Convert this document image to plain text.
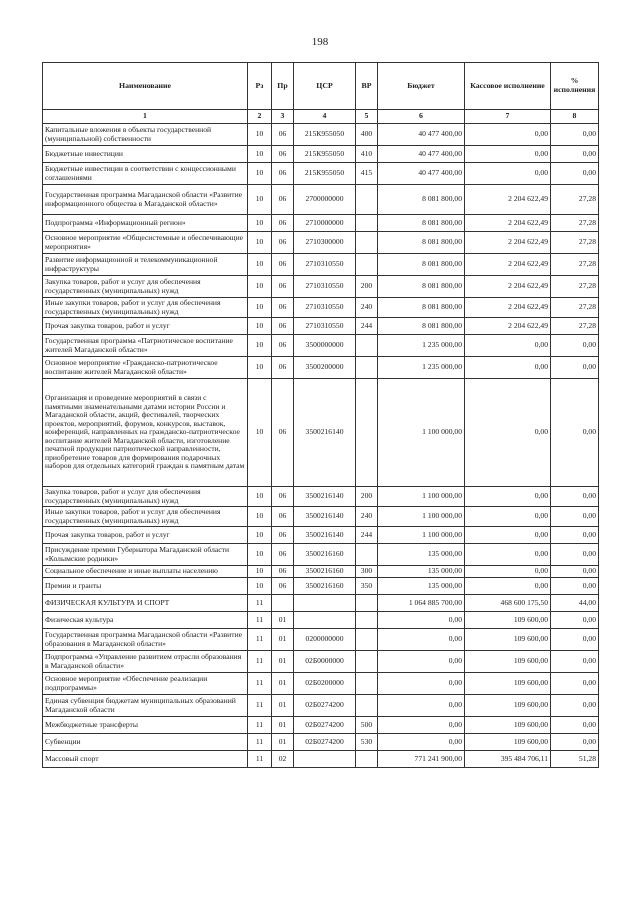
198
Наименование	Рз	Пр	ЦСР	ВР	Бюджет	Кассовое исполнение	% исполнения
1	2	3	4	5	6	7	8
Капитальные вложения в объекты государственной (муниципальной) собственности	10	06	215К955050	400	40 477 400,00	0,00	0,00
Бюджетные инвестиции	10	06	215К955050	410	40 477 400,00	0,00	0,00
Бюджетные инвестиции в соответствии с концессионными соглашениями	10	06	215К955050	415	40 477 400,00	0,00	0,00
Государственная программа Магаданской области «Развитие информационного общества в Магаданской области»	10	06	2700000000		8 081 800,00	2 204 622,49	27,28
Подпрограмма «Информационный регион»	10	06	2710000000		8 081 800,00	2 204 622,49	27,28
Основное мероприятие «Общесистемные и обеспечивающие мероприятия»	10	06	2710300000		8 081 800,00	2 204 622,49	27,28
Развитие информационной и телекоммуникационной инфраструктуры	10	06	2710310550		8 081 800,00	2 204 622,49	27,28
Закупка товаров, работ и услуг для обеспечения государственных (муниципальных) нужд	10	06	2710310550	200	8 081 800,00	2 204 622,49	27,28
Иные закупки товаров, работ и услуг для обеспечения государственных (муниципальных) нужд	10	06	2710310550	240	8 081 800,00	2 204 622,49	27,28
Прочая закупка товаров, работ и услуг	10	06	2710310550	244	8 081 800,00	2 204 622,49	27,28
Государственная программа «Патриотическое воспитание жителей Магаданской области»	10	06	3500000000		1 235 000,00	0,00	0,00
Основное мероприятие «Гражданско-патриотическое воспитание жителей Магаданской области»	10	06	3500200000		1 235 000,00	0,00	0,00
Организация и проведение мероприятий в связи с памятными знаменательными датами истории России и Магаданской области, акций, фестивалей, творческих проектов, мероприятий, форумов, конкурсов, выставок, конференций, направленных на гражданско-патриотическое воспитание жителей Магаданской области, изготовление печатной продукции патриотической направленности, приобретение товаров для формирования подарочных наборов для отдельных категорий граждан к памятным датам	10	06	3500216140		1 100 000,00	0,00	0,00
Закупка товаров, работ и услуг для обеспечения государственных (муниципальных) нужд	10	06	3500216140	200	1 100 000,00	0,00	0,00
Иные закупки товаров, работ и услуг для обеспечения государственных (муниципальных) нужд	10	06	3500216140	240	1 100 000,00	0,00	0,00
Прочая закупка товаров, работ и услуг	10	06	3500216140	244	1 100 000,00	0,00	0,00
Присуждение премии Губернатора Магаданской области «Колымские родники»	10	06	3500216160		135 000,00	0,00	0,00
Социальное обеспечение и иные выплаты населению	10	06	3500216160	300	135 000,00	0,00	0,00
Премии и гранты	10	06	3500216160	350	135 000,00	0,00	0,00
ФИЗИЧЕСКАЯ КУЛЬТУРА И СПОРТ	11				1 064 885 700,00	468 600 175,50	44,00
Физическая культура	11	01			0,00	109 600,00	0,00
Государственная программа Магаданской области «Развитие образования в Магаданской области»	11	01	0200000000		0,00	109 600,00	0,00
Подпрограмма «Управление развитием отрасли образования в Магаданской области»	11	01	02Б0000000		0,00	109 600,00	0,00
Основное мероприятие «Обеспечение реализации подпрограммы»	11	01	02Б0200000		0,00	109 600,00	0,00
Единая субвенция бюджетам муниципальных образований Магаданской области	11	01	02Б0274200		0,00	109 600,00	0,00
Межбюджетные трансферты	11	01	02Б0274200	500	0,00	109 600,00	0,00
Субвенции	11	01	02Б0274200	530	0,00	109 600,00	0,00
Массовый спорт	11	02			771 241 900,00	395 484 706,11	51,28
